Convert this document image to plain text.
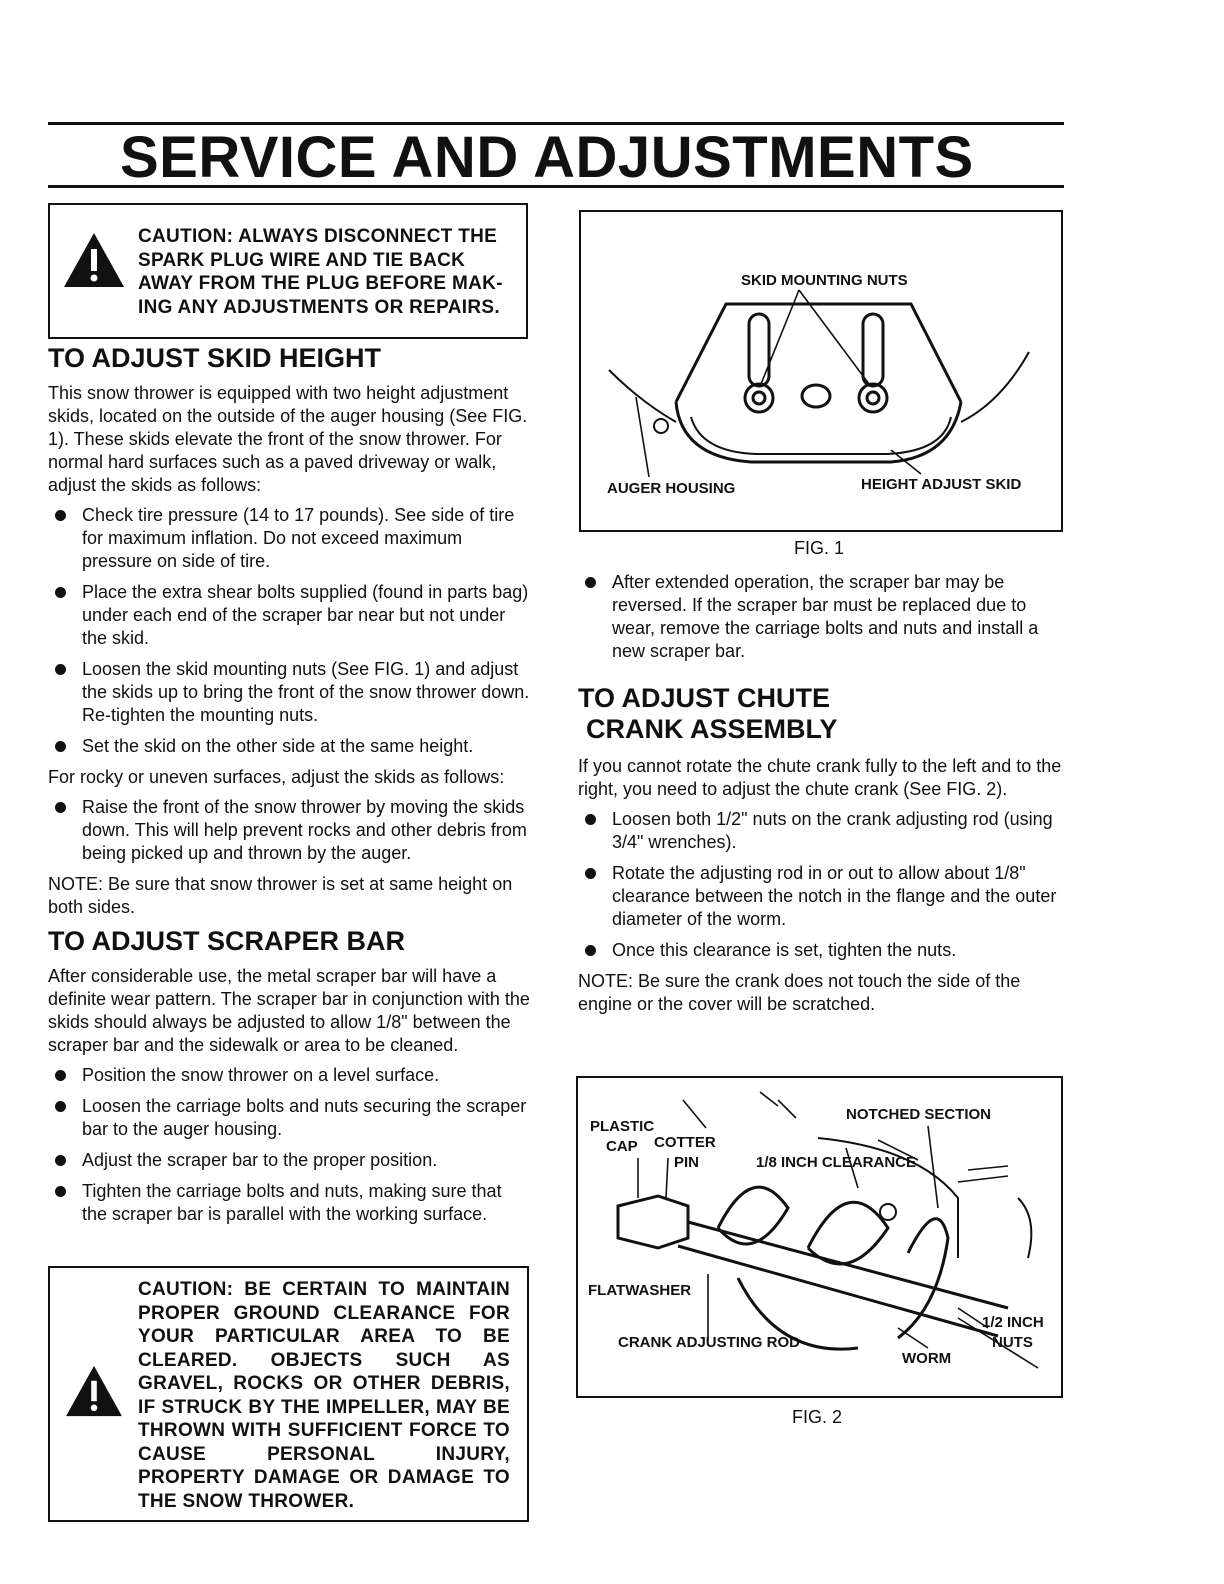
SERVICE AND ADJUSTMENTS
CAUTION: ALWAYS DISCONNECT THE SPARK PLUG WIRE AND TIE BACK AWAY FROM THE PLUG BEFORE MAK-ING ANY ADJUSTMENTS OR REPAIRS.
TO ADJUST SKID HEIGHT

This snow thrower is equipped with two height adjustment skids, located on the outside of the auger housing (See FIG. 1). These skids elevate the front of the snow thrower. For normal hard surfaces such as a paved driveway or walk, adjust the skids as follows:

Check tire pressure (14 to 17 pounds). See side of tire for maximum inflation. Do not exceed maximum pressure on side of tire.
Place the extra shear bolts supplied (found in parts bag) under each end of the scraper bar near but not under the skid.
Loosen the skid mounting nuts (See FIG. 1) and adjust the skids up to bring the front of the snow thrower down. Re-tighten the mounting nuts.
Set the skid on the other side at the same height.

For rocky or uneven surfaces, adjust the skids as follows:

Raise the front of the snow thrower by moving the skids down. This will help prevent rocks and other debris from being picked up and thrown by the auger.

NOTE: Be sure that snow thrower is set at same height on both sides.

TO ADJUST SCRAPER BAR

After considerable use, the metal scraper bar will have a definite wear pattern. The scraper bar in conjunction with the skids should always be adjusted to allow 1/8" between the scraper bar and the sidewalk or area to be cleaned.

Position the snow thrower on a level surface.
Loosen the carriage bolts and nuts securing the scraper bar to the auger housing.
Adjust the scraper bar to the proper position.
Tighten the carriage bolts and nuts, making sure that the scraper bar is parallel with the working surface.
CAUTION: BE CERTAIN TO MAINTAIN PROPER GROUND CLEARANCE FOR YOUR PARTICULAR AREA TO BE CLEARED. OBJECTS SUCH AS GRAVEL, ROCKS OR OTHER DEBRIS, IF STRUCK BY THE IMPELLER, MAY BE THROWN WITH SUFFICIENT FORCE TO CAUSE PERSONAL INJURY, PROPERTY DAMAGE OR DAMAGE TO THE SNOW THROWER.
SKID MOUNTING NUTS
AUGER HOUSING	HEIGHT ADJUST SKID
FIG. 1
After extended operation, the scraper bar may be reversed. If the scraper bar must be replaced due to wear, remove the carriage bolts and nuts and install a new scraper bar.
TO ADJUST CHUTE
CRANK ASSEMBLY

If you cannot rotate the chute crank fully to the left and to the right, you need to adjust the chute crank (See FIG. 2).

Loosen both 1/2" nuts on the crank adjusting rod (using 3/4" wrenches).
Rotate the adjusting rod in or out to allow about 1/8" clearance between the notch in the flange and the outer diameter of the worm.
Once this clearance is set, tighten the nuts.

NOTE: Be sure the crank does not touch the side of the engine or the cover will be scratched.

PLASTIC
CAP COTTER
PIN
NOTCHED SECTION
1/8 INCH CLEARANCE
FLATWASHER
CRANK ADJUSTING ROD
WORM
1/2 INCH
NUTS
FIG. 2
